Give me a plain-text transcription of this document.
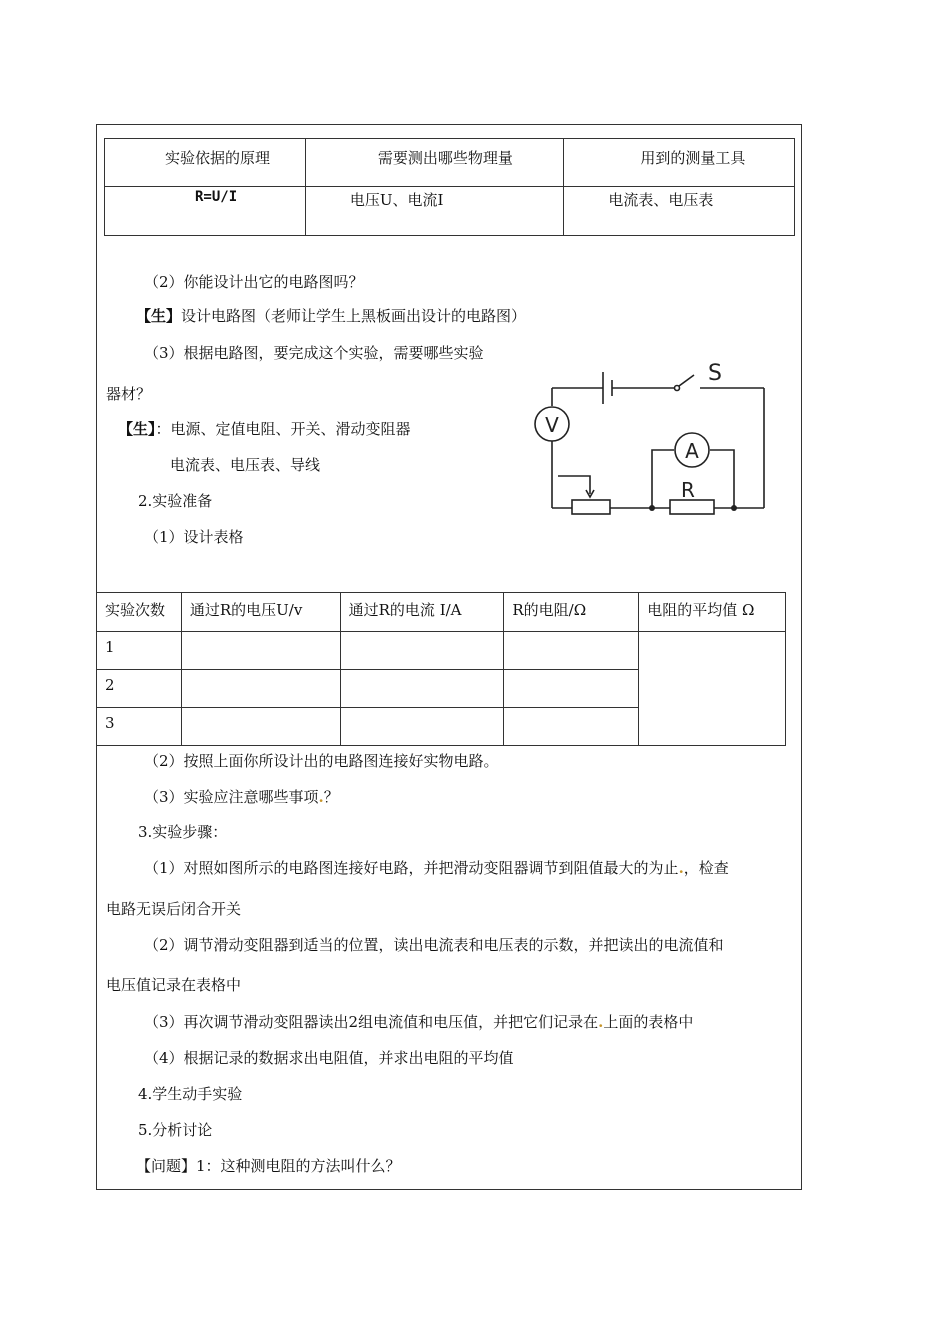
实验依据的原理	需要测出哪些物理量	用到的测量工具
R=U/I	电压U、电流I	电流表、电压表
（2）你能设计出它的电路图吗？
【生】设计电路图（老师让学生上黑板画出设计的电路图）
（3）根据电路图，要完成这个实验，需要哪些实验
器材？
【生】：电源、定值电阻、开关、滑动变阻器
电流表、电压表、导线
2.实验准备
（1）设计表格
S
V
A
R
实验次数	通过R的电压U/v	通过R的电流 I/A	R的电阻/Ω	电阻的平均值 Ω
1				
2				
3				
（2）按照上面你所设计出的电路图连接好实物电路。
（3）实验应注意哪些事项.？
3.实验步骤：
（1）对照如图所示的电路图连接好电路，并把滑动变阻器调节到阻值最大的为止.，检查
电路无误后闭合开关
（2）调节滑动变阻器到适当的位置，读出电流表和电压表的示数，并把读出的电流值和
电压值记录在表格中
（3）再次调节滑动变阻器读出2组电流值和电压值，并把它们记录在.上面的表格中
（4）根据记录的数据求出电阻值，并求出电阻的平均值
4.学生动手实验
5.分析讨论
【问题】1：这种测电阻的方法叫什么？
